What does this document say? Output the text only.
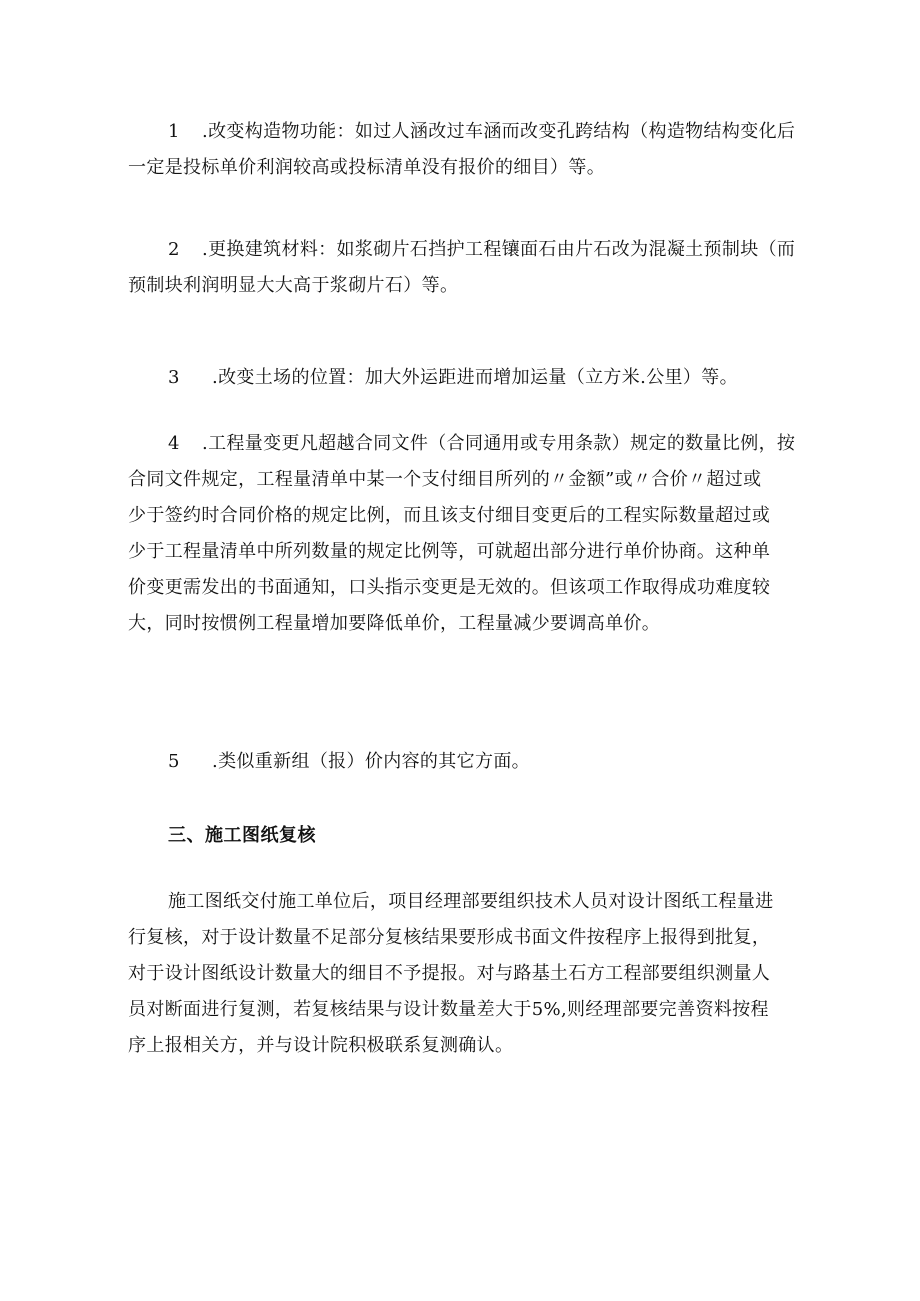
1 .改变构造物功能：如过人涵改过车涵而改变孔跨结构（构造物结构变化后
一定是投标单价利润较高或投标清单没有报价的细目）等。
2 .更换建筑材料：如浆砌片石挡护工程镶面石由片石改为混凝土预制块（而
预制块利润明显大大高于浆砌片石）等。
3 .改变土场的位置：加大外运距进而增加运量（立方米.公里）等。
4 .工程量变更凡超越合同文件（合同通用或专用条款）规定的数量比例，按
合同文件规定，工程量清单中某一个支付细目所列的〃金额”或〃合价〃超过或
少于签约时合同价格的规定比例，而且该支付细目变更后的工程实际数量超过或
少于工程量清单中所列数量的规定比例等，可就超出部分进行单价协商。这种单
价变更需发出的书面通知，口头指示变更是无效的。但该项工作取得成功难度较
大，同时按惯例工程量增加要降低单价，工程量减少要调高单价。
5 .类似重新组（报）价内容的其它方面。
三、施工图纸复核
施工图纸交付施工单位后，项目经理部要组织技术人员对设计图纸工程量进
行复核，对于设计数量不足部分复核结果要形成书面文件按程序上报得到批复，
对于设计图纸设计数量大的细目不予提报。对与路基土石方工程部要组织测量人
员对断面进行复测，若复核结果与设计数量差大于5%,则经理部要完善资料按程
序上报相关方，并与设计院积极联系复测确认。
